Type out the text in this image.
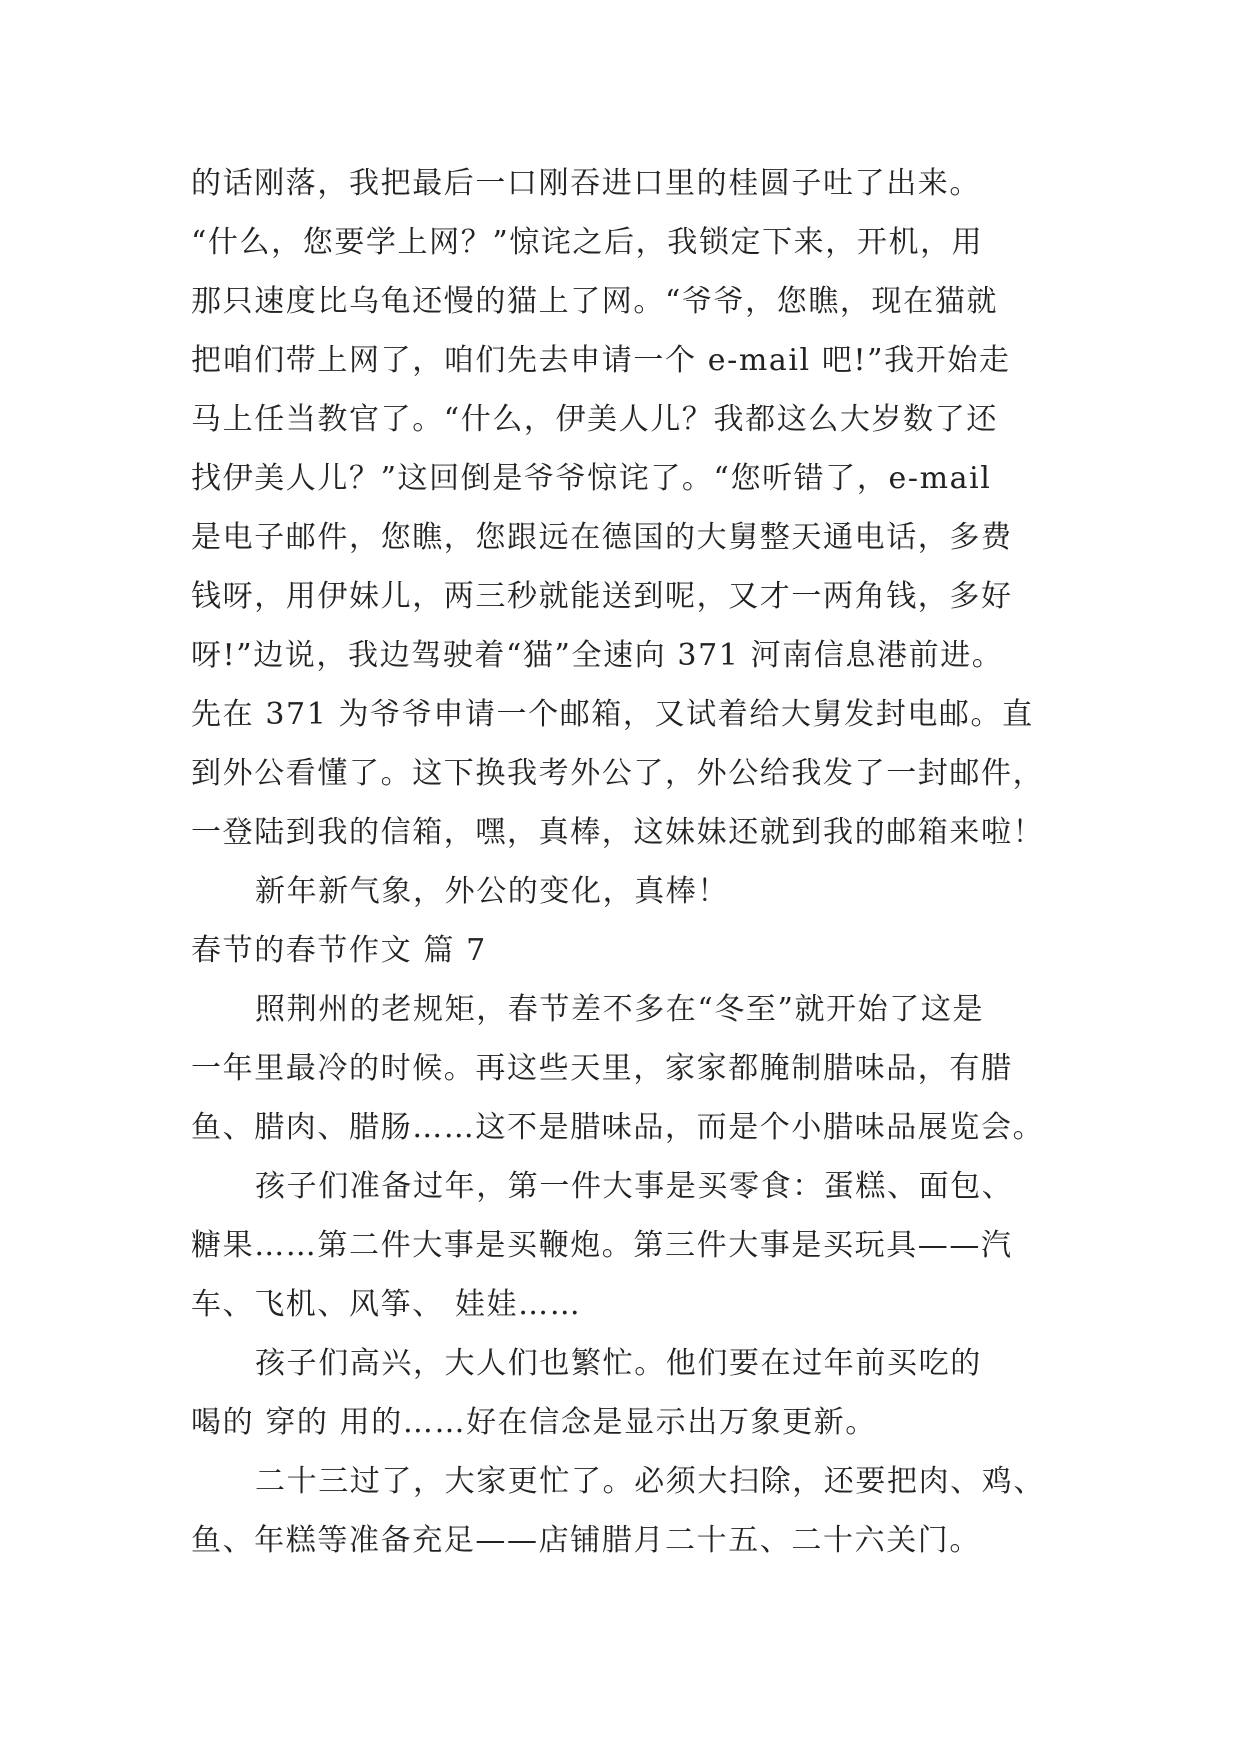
的话刚落，我把最后一口刚吞进口里的桂圆子吐了出来。
“什么，您要学上网？”惊诧之后，我锁定下来，开机，用
那只速度比乌龟还慢的猫上了网。“爷爷，您瞧，现在猫就
把咱们带上网了，咱们先去申请一个 e-mail 吧!”我开始走
马上任当教官了。“什么，伊美人儿？我都这么大岁数了还
找伊美人儿？”这回倒是爷爷惊诧了。“您听错了，e-mail
是电子邮件，您瞧，您跟远在德国的大舅整天通电话，多费
钱呀，用伊妹儿，两三秒就能送到呢，又才一两角钱，多好
呀!”边说，我边驾驶着“猫”全速向 371 河南信息港前进。
先在 371 为爷爷申请一个邮箱，又试着给大舅发封电邮。直
到外公看懂了。这下换我考外公了，外公给我发了一封邮件，
一登陆到我的信箱，嘿，真棒，这妹妹还就到我的邮箱来啦！
新年新气象，外公的变化，真棒！
春节的春节作文 篇 7
照荆州的老规矩，春节差不多在“冬至”就开始了这是
一年里最冷的时候。再这些天里，家家都腌制腊味品，有腊
鱼、腊肉、腊肠……这不是腊味品，而是个小腊味品展览会。
孩子们准备过年，第一件大事是买零食：蛋糕、面包、
糖果……第二件大事是买鞭炮。第三件大事是买玩具——汽
车、飞机、风筝、 娃娃……
孩子们高兴，大人们也繁忙。他们要在过年前买吃的
喝的 穿的 用的……好在信念是显示出万象更新。
二十三过了，大家更忙了。必须大扫除，还要把肉、鸡、
鱼、年糕等准备充足——店铺腊月二十五、二十六关门。
